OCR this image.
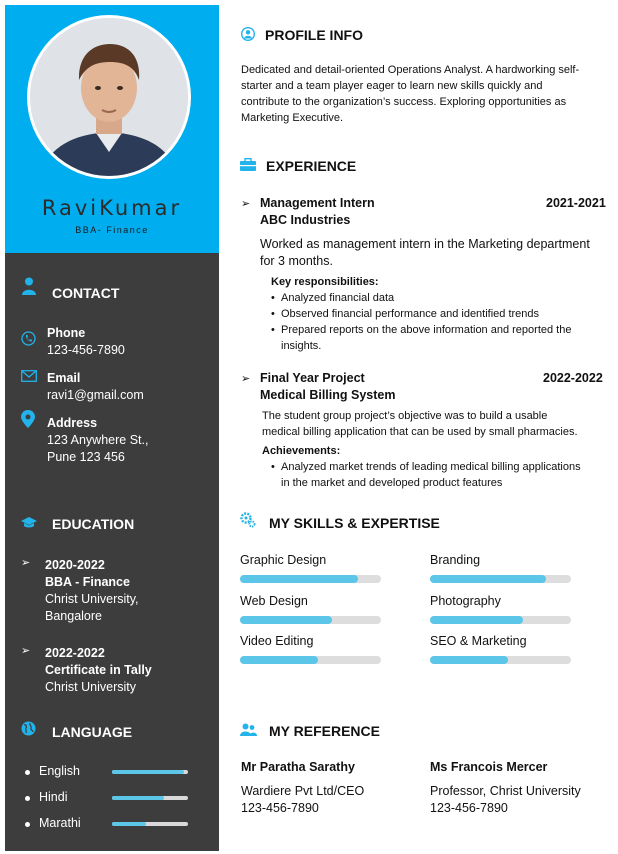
RaviKumar
BBA- Finance
CONTACT
Phone
123-456-7890
Email
ravi1@gmail.com
Address
123 Anywhere St.,
Pune 123 456
EDUCATION
➢ 2020-2022
BBA - Finance
Christ University,
Bangalore
➢ 2022-2022
Certificate in Tally
Christ University
LANGUAGE
English
Hindi
Marathi
PROFILE INFO
Dedicated and detail-oriented Operations Analyst. A hardworking self-
starter and a team player eager to learn new skills quickly and
contribute to the organization’s success. Exploring opportunities as
Marketing Executive.
EXPERIENCE
➢ Management Intern
ABC Industries
2021-2021
Worked as management intern in the Marketing department
for 3 months.
Key responsibilities:
• Analyzed financial data
• Observed financial performance and identified trends
• Prepared reports on the above information and reported the
insights.
➢ Final Year Project
Medical Billing System
2022-2022
The student group project’s objective was to build a usable
medical billing application that can be used by small pharmacies.
Achievements:
• Analyzed market trends of leading medical billing applications
in the market and developed product features
MY SKILLS & EXPERTISE
Graphic Design	Branding
Web Design	Photography
Video Editing	SEO & Marketing
MY REFERENCE
Mr Paratha Sarathy
Wardiere Pvt Ltd/CEO
123-456-7890
Ms Francois Mercer
Professor, Christ University
123-456-7890
